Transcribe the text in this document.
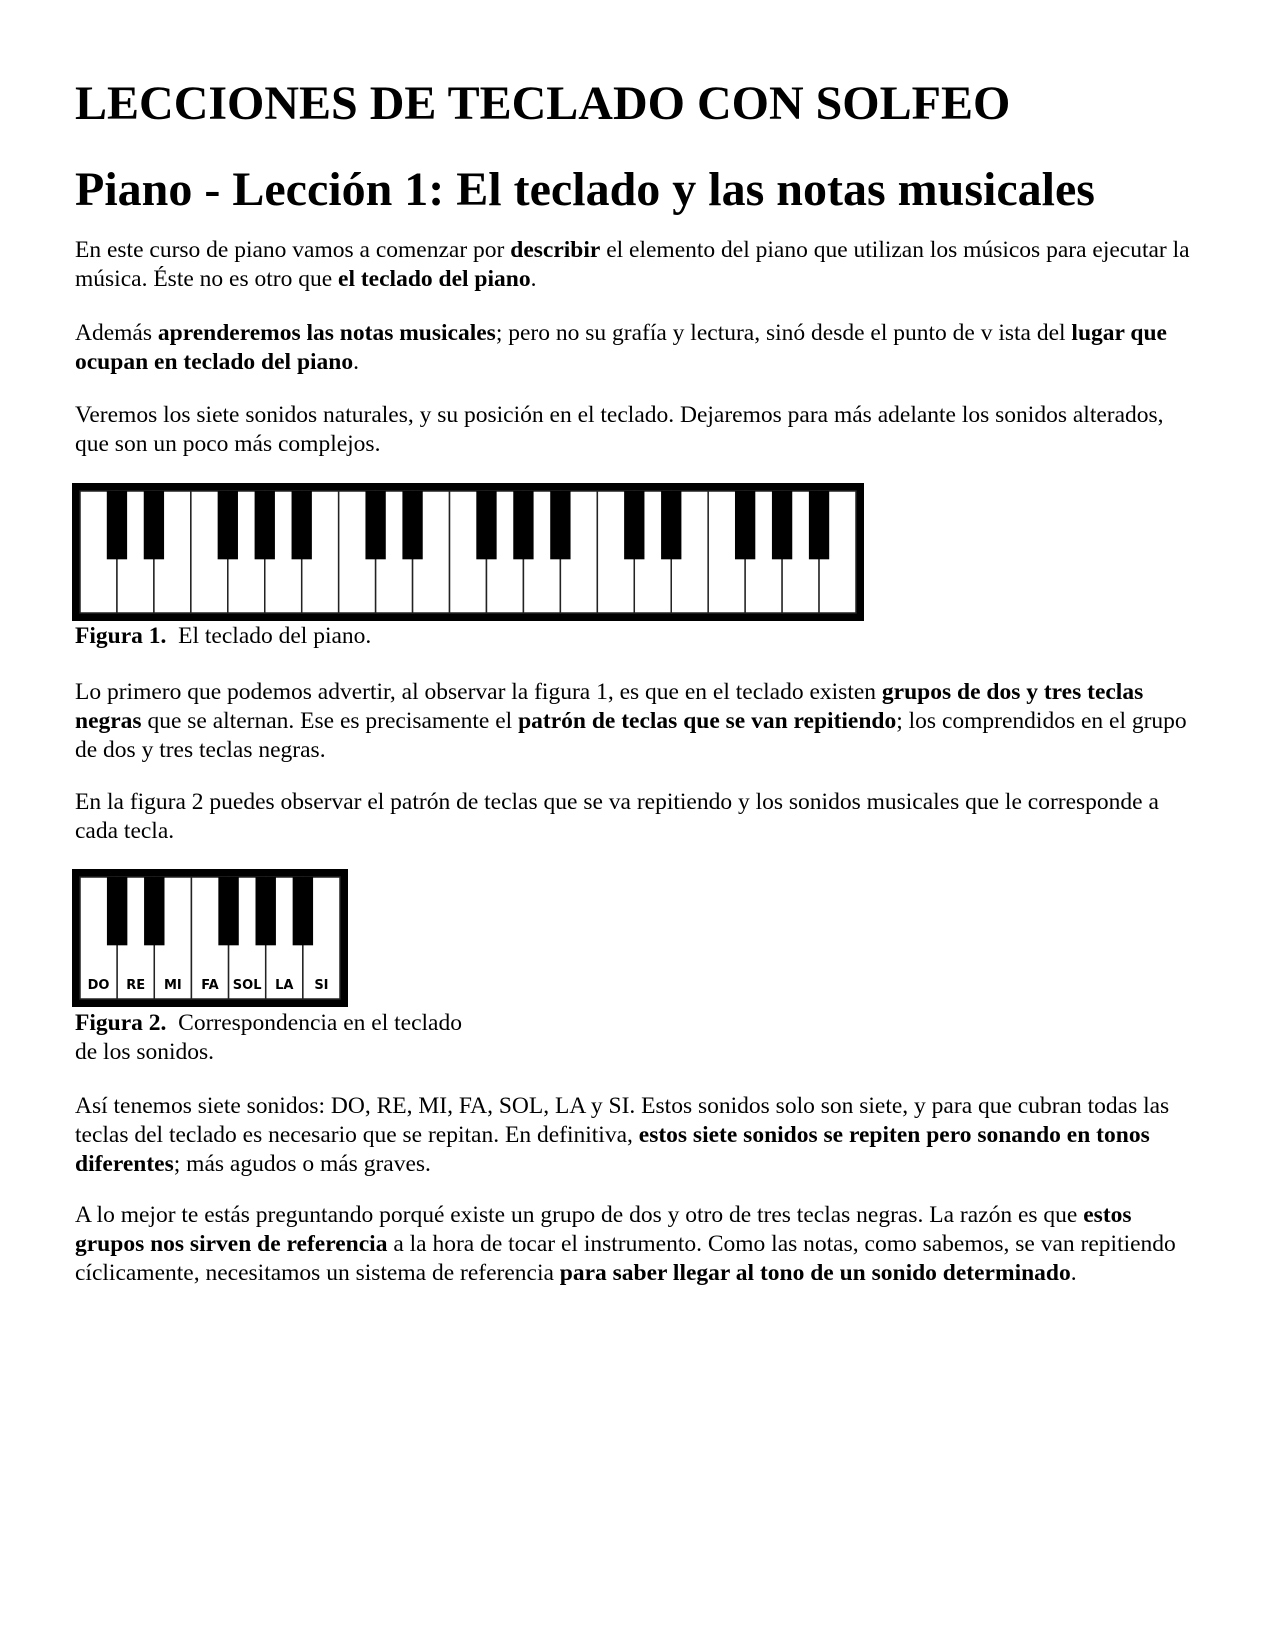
LECCIONES DE TECLADO CON SOLFEO
Piano - Lección 1: El teclado y las notas musicales

En este curso de piano vamos a comenzar por describir el elemento del piano que utilizan los músicos para ejecutar la música. Éste no es otro que el teclado del piano.

Además aprenderemos las notas musicales; pero no su grafía y lectura, sinó desde el punto de v ista del lugar que ocupan en teclado del piano.

Veremos los siete sonidos naturales, y su posición en el teclado. Dejaremos para más adelante los sonidos alterados, que son un poco más complejos.

Figura 1. El teclado del piano.

Lo primero que podemos advertir, al observar la figura 1, es que en el teclado existen grupos de dos y tres teclas negras que se alternan. Ese es precisamente el patrón de teclas que se van repitiendo; los comprendidos en el grupo de dos y tres teclas negras.

En la figura 2 puedes observar el patrón de teclas que se va repitiendo y los sonidos musicales que le corresponde a cada tecla.

DO RE MI FA SOL LA SI
Figura 2. Correspondencia en el teclado de los sonidos.

Así tenemos siete sonidos: DO, RE, MI, FA, SOL, LA y SI. Estos sonidos solo son siete, y para que cubran todas las teclas del teclado es necesario que se repitan. En definitiva, estos siete sonidos se repiten pero sonando en tonos diferentes; más agudos o más graves.

A lo mejor te estás preguntando porqué existe un grupo de dos y otro de tres teclas negras. La razón es que estos grupos nos sirven de referencia a la hora de tocar el instrumento. Como las notas, como sabemos, se van repitiendo cíclicamente, necesitamos un sistema de referencia para saber llegar al tono de un sonido determinado.
